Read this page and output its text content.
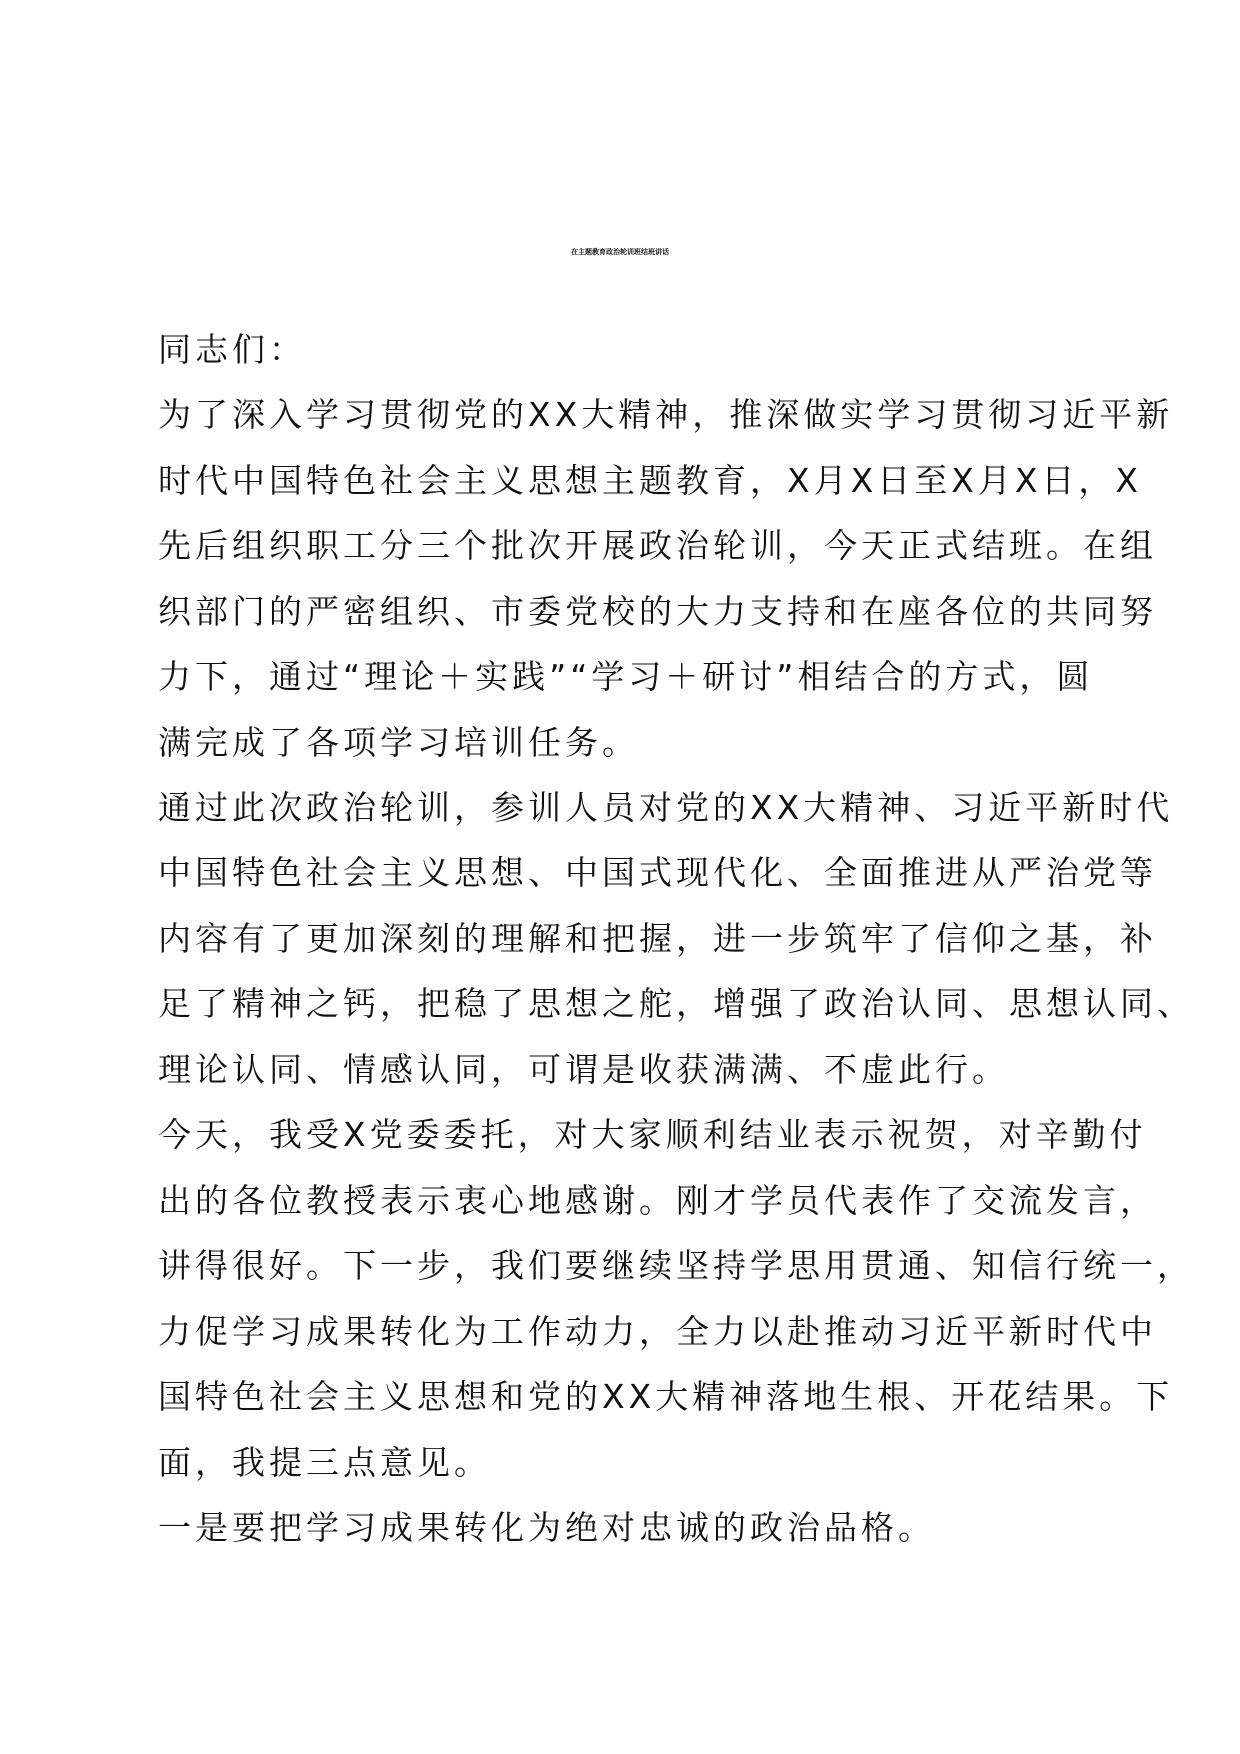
在主题教育政治轮训班结班讲话

同志们：

为了深入学习贯彻党的XX大精神，推深做实学习贯彻习近平新

时代中国特色社会主义思想主题教育，X月X日至X月X日，X

先后组织职工分三个批次开展政治轮训，今天正式结班。在组

织部门的严密组织、市委党校的大力支持和在座各位的共同努

力下，通过“理论＋实践”“学习＋研讨”相结合的方式，圆

满完成了各项学习培训任务。

通过此次政治轮训，参训人员对党的XX大精神、习近平新时代

中国特色社会主义思想、中国式现代化、全面推进从严治党等

内容有了更加深刻的理解和把握，进一步筑牢了信仰之基，补

足了精神之钙，把稳了思想之舵，增强了政治认同、思想认同、

理论认同、情感认同，可谓是收获满满、不虚此行。

今天，我受X党委委托，对大家顺利结业表示祝贺，对辛勤付

出的各位教授表示衷心地感谢。刚才学员代表作了交流发言，

讲得很好。下一步，我们要继续坚持学思用贯通、知信行统一，

力促学习成果转化为工作动力，全力以赴推动习近平新时代中

国特色社会主义思想和党的XX大精神落地生根、开花结果。下

面，我提三点意见。

一是要把学习成果转化为绝对忠诚的政治品格。
